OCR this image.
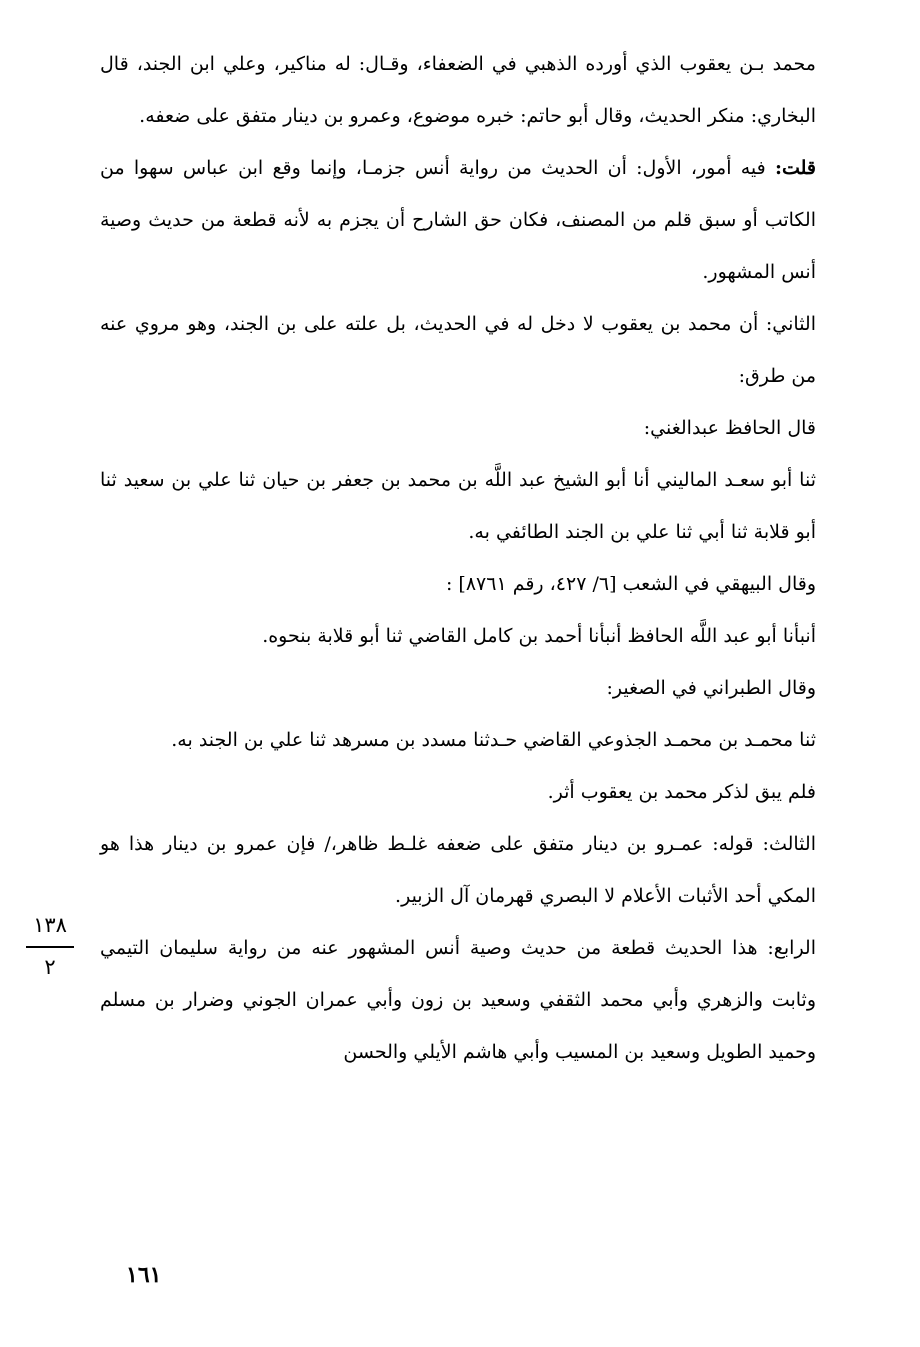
محمد بـن يعقوب الذي أورده الذهبي في الضعفاء، وقـال: له مناكير، وعلي ابن الجند، قال البخاري: منكر الحديث، وقال أبو حاتم: خبره موضوع، وعمرو بن دينار متفق على ضعفه.

قلت: فيه أمور، الأول: أن الحديث من رواية أنس جزمـا، وإنما وقع ابن عباس سهوا من الكاتب أو سبق قلم من المصنف، فكان حق الشارح أن يجزم به لأنه قطعة من حديث وصية أنس المشهور.

الثاني: أن محمد بن يعقوب لا دخل له في الحديث، بل علته على بن الجند، وهو مروي عنه من طرق:

قال الحافظ عبدالغني:

ثنا أبو سعـد الماليني أنا أبو الشيخ عبد اللَّه بن محمد بن جعفر بن حيان ثنا علي بن سعيد ثنا أبو قلابة ثنا أبي ثنا علي بن الجند الطائفي به.

وقال البيهقي في الشعب [٦/ ٤٢٧، رقم ٨٧٦١] :

أنبأنا أبو عبد اللَّه الحافظ أنبأنا أحمد بن كامل القاضي ثنا أبو قلابة بنحوه.

وقال الطبراني في الصغير:

ثنا محمـد بن محمـد الجذوعي القاضي حـدثنا مسدد بن مسرهد ثنا علي بن الجند به.

فلم يبق لذكر محمد بن يعقوب أثر.

الثالث: قوله: عمـرو بن دينار متفق على ضعفه غلـط ظاهر،/ فإن عمرو بن دينار هذا هو المكي أحد الأثبات الأعلام لا البصري قهرمان آل الزبير.

الرابع: هذا الحديث قطعة من حديث وصية أنس المشهور عنه من رواية سليمان التيمي وثابت والزهري وأبي محمد الثقفي وسعيد بن زون وأبي عمران الجوني وضرار بن مسلم وحميد الطويل وسعيد بن المسيب وأبي هاشم الأيلي والحسن

١٣٨
٢
١٦١
